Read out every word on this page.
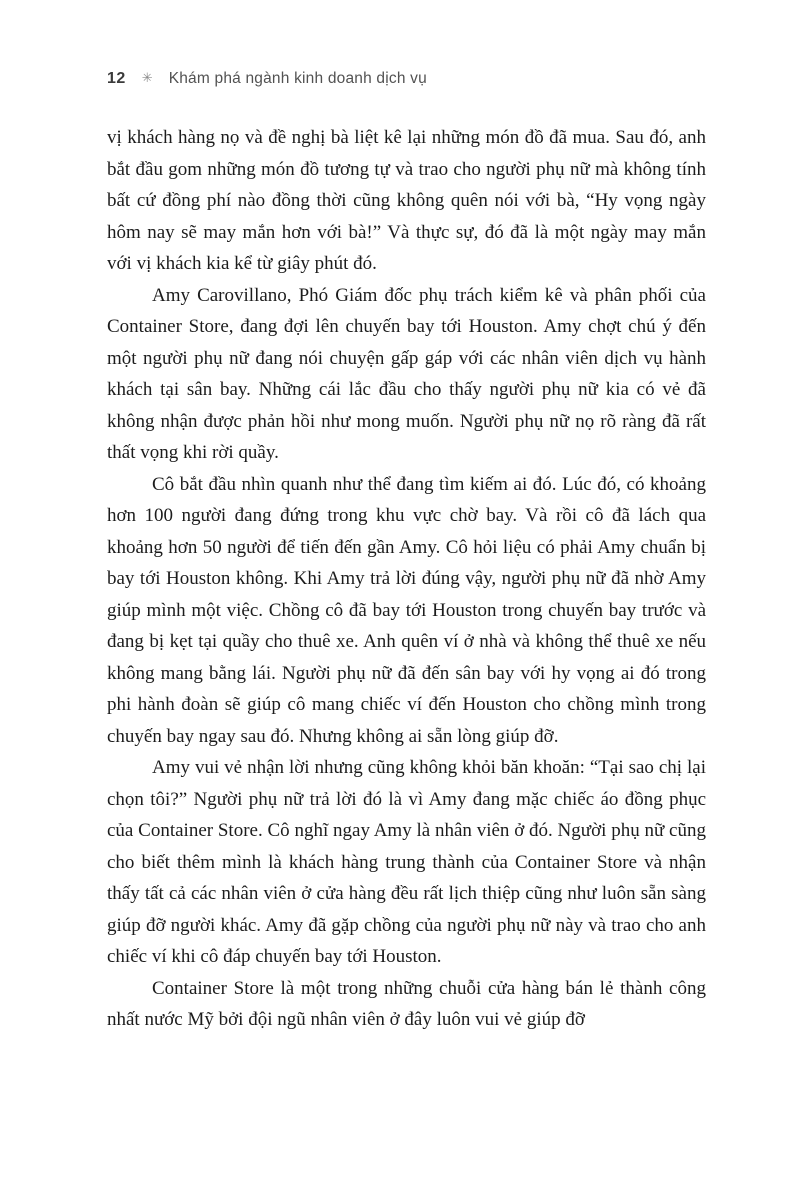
12 ✳ Khám phá ngành kinh doanh dịch vụ

vị khách hàng nọ và đề nghị bà liệt kê lại những món đồ đã mua. Sau đó, anh bắt đầu gom những món đồ tương tự và trao cho người phụ nữ mà không tính bất cứ đồng phí nào đồng thời cũng không quên nói với bà, “Hy vọng ngày hôm nay sẽ may mắn hơn với bà!” Và thực sự, đó đã là một ngày may mắn với vị khách kia kể từ giây phút đó.

Amy Carovillano, Phó Giám đốc phụ trách kiểm kê và phân phối của Container Store, đang đợi lên chuyến bay tới Houston. Amy chợt chú ý đến một người phụ nữ đang nói chuyện gấp gáp với các nhân viên dịch vụ hành khách tại sân bay. Những cái lắc đầu cho thấy người phụ nữ kia có vẻ đã không nhận được phản hồi như mong muốn. Người phụ nữ nọ rõ ràng đã rất thất vọng khi rời quầy.

Cô bắt đầu nhìn quanh như thể đang tìm kiếm ai đó. Lúc đó, có khoảng hơn 100 người đang đứng trong khu vực chờ bay. Và rồi cô đã lách qua khoảng hơn 50 người để tiến đến gần Amy. Cô hỏi liệu có phải Amy chuẩn bị bay tới Houston không. Khi Amy trả lời đúng vậy, người phụ nữ đã nhờ Amy giúp mình một việc. Chồng cô đã bay tới Houston trong chuyến bay trước và đang bị kẹt tại quầy cho thuê xe. Anh quên ví ở nhà và không thể thuê xe nếu không mang bằng lái. Người phụ nữ đã đến sân bay với hy vọng ai đó trong phi hành đoàn sẽ giúp cô mang chiếc ví đến Houston cho chồng mình trong chuyến bay ngay sau đó. Nhưng không ai sẵn lòng giúp đỡ.

Amy vui vẻ nhận lời nhưng cũng không khỏi băn khoăn: “Tại sao chị lại chọn tôi?” Người phụ nữ trả lời đó là vì Amy đang mặc chiếc áo đồng phục của Container Store. Cô nghĩ ngay Amy là nhân viên ở đó. Người phụ nữ cũng cho biết thêm mình là khách hàng trung thành của Container Store và nhận thấy tất cả các nhân viên ở cửa hàng đều rất lịch thiệp cũng như luôn sẵn sàng giúp đỡ người khác. Amy đã gặp chồng của người phụ nữ này và trao cho anh chiếc ví khi cô đáp chuyến bay tới Houston.

Container Store là một trong những chuỗi cửa hàng bán lẻ thành công nhất nước Mỹ bởi đội ngũ nhân viên ở đây luôn vui vẻ giúp đỡ
